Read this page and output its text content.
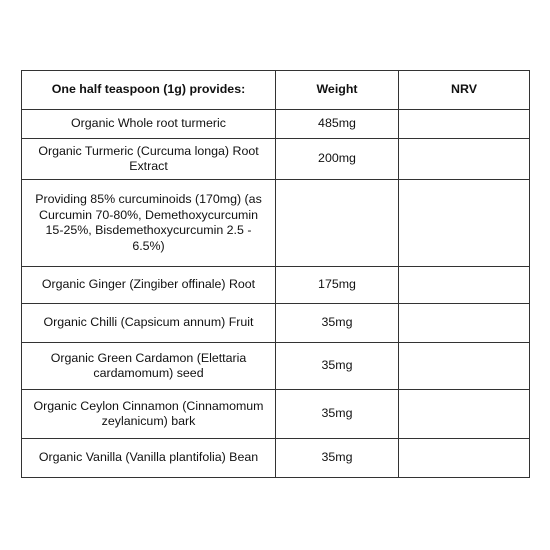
One half teaspoon (1g) provides:	Weight	NRV
Organic Whole root turmeric	485mg	
Organic Turmeric (Curcuma longa) Root Extract	200mg	
Providing 85% curcuminoids (170mg) (as Curcumin 70-80%, Demethoxycurcumin 15-25%, Bisdemethoxycurcumin 2.5 - 6.5%)		
Organic Ginger (Zingiber offinale) Root	175mg	
Organic Chilli (Capsicum annum) Fruit	35mg	
Organic Green Cardamon (Elettaria cardamomum) seed	35mg	
Organic Ceylon Cinnamon (Cinnamomum zeylanicum) bark	35mg	
Organic Vanilla (Vanilla plantifolia) Bean	35mg	
